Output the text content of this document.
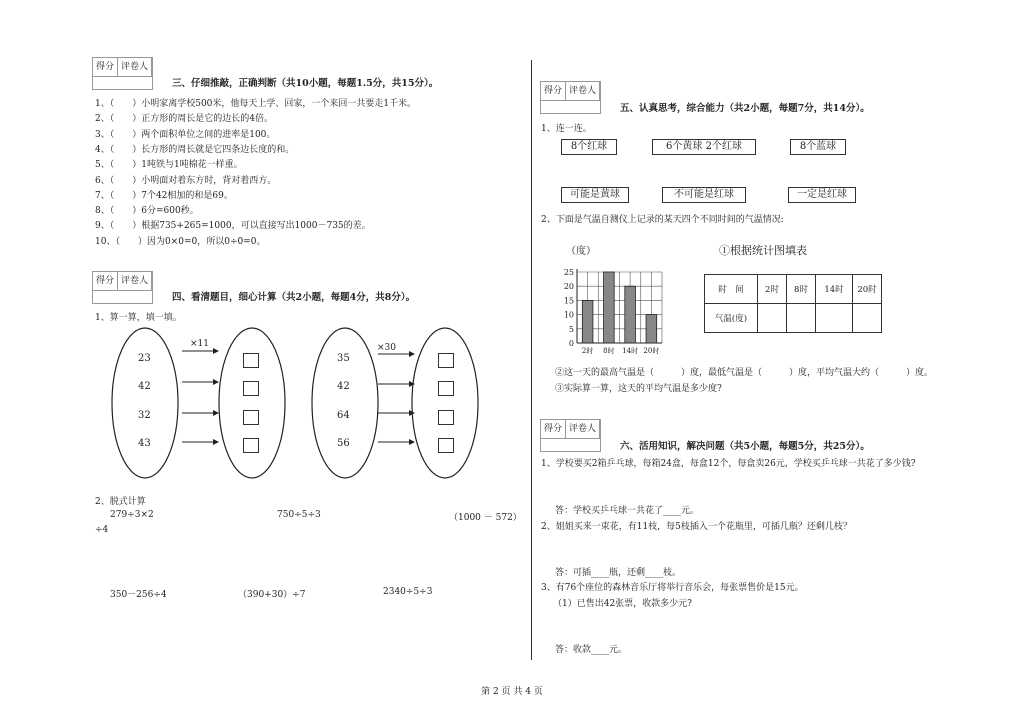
得分 评卷人
三、仔细推敲，正确判断（共10小题，每题1.5分，共15分）。
1、（　　）小明家离学校500米，他每天上学、回家，一个来回一共要走1千米。
2、（　　）正方形的周长是它的边长的4倍。
3、（　　）两个面积单位之间的进率是100。
4、（　　）长方形的周长就是它四条边长度的和。
5、（　　）1吨铁与1吨棉花一样重。
6、（　　）小明面对着东方时，背对着西方。
7、（　　）7个42相加的和是69。
8、（　　）6分=600秒。
9、（　　）根据735+265=1000，可以直接写出1000－735的差。
10、（　　）因为0×0=0，所以0÷0=0。
得分 评卷人
四、看清题目，细心计算（共2小题，每题4分，共8分）。
1、算一算，填一填。
×11	×30
23
42
32
43
35
42
64
56
2、脱式计算
279÷3×2	750÷5÷3	（1000 － 572）
÷4
350－256÷4	（390+30）÷7	2340÷5÷3
得分 评卷人
五、认真思考，综合能力（共2小题，每题7分，共14分）。
1、连一连。
8个红球	6个黄球 2个红球	8个蓝球
可能是黄球	不可能是红球	一定是红球
2、下面是气温自测仪上记录的某天四个不同时间的气温情况:
（度）	①根据统计图填表
0
5
10
15
20
25
2时 8时 14时 20时
时　间	2时	8时	14时	20时
气温(度)				
②这一天的最高气温是（　　　）度，最低气温是（　　　）度，平均气温大约（　　　）度。
③实际算一算，这天的平均气温是多少度?
得分 评卷人
六、活用知识，解决问题（共5小题，每题5分，共25分）。
1、学校要买2箱乒乓球，每箱24盒，每盒12个，每盒卖26元，学校买乒乓球一共花了多少钱?
答：学校买乒乓球一共花了____元。
2、姐姐买来一束花，有11枝，每5枝插入一个花瓶里，可插几瓶？还剩几枝？
答：可插____瓶，还剩____枝。
3、有76个座位的森林音乐厅将举行音乐会，每张票售价是15元。
（1）已售出42张票，收款多少元?
答：收款____元。
第 2 页 共 4 页
